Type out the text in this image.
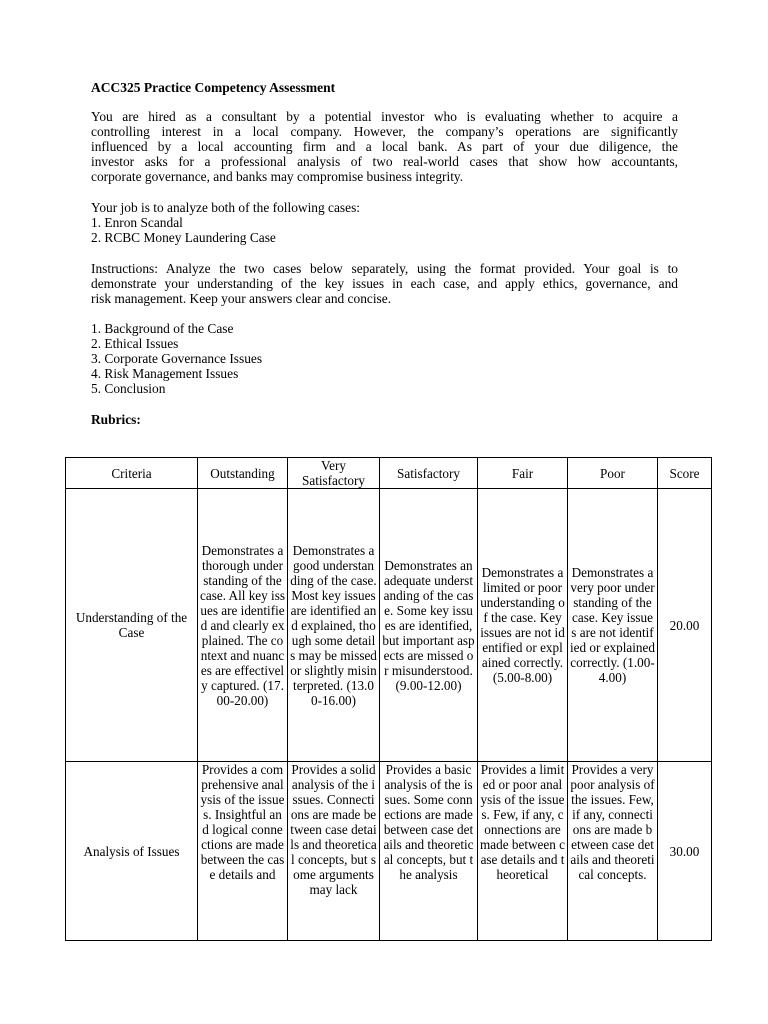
ACC325 Practice Competency Assessment
You are hired as a consultant by a potential investor who is evaluating whether to acquire a
controlling interest in a local company. However, the company’s operations are significantly
influenced by a local accounting firm and a local bank. As part of your due diligence, the
investor asks for a professional analysis of two real-world cases that show how accountants,
corporate governance, and banks may compromise business integrity.
Your job is to analyze both of the following cases:
1. Enron Scandal
2. RCBC Money Laundering Case
Instructions: Analyze the two cases below separately, using the format provided. Your goal is to
demonstrate your understanding of the key issues in each case, and apply ethics, governance, and
risk management. Keep your answers clear and concise.
1. Background of the Case
2. Ethical Issues
3. Corporate Governance Issues
4. Risk Management Issues
5. Conclusion
Rubrics:
Criteria	Outstanding	Very Satisfactory	Satisfactory	Fair	Poor	Score
Understanding of the Case	Demonstrates a thorough understanding of the case. All key issues are identified and clearly explained. The context and nuances are effectively captured. (17.00-20.00)	Demonstrates a good understanding of the case. Most key issues are identified and explained, though some details may be missed or slightly misinterpreted. (13.00-16.00)	Demonstrates an adequate understanding of the case. Some key issues are identified, but important aspects are missed or misunderstood. (9.00-12.00)	Demonstrates a limited or poor understanding of the case. Key issues are not identified or explained correctly. (5.00-8.00)	Demonstrates a very poor understanding of the case. Key issues are not identified or explained correctly. (1.00-4.00)	20.00
Analysis of Issues	Provides a comprehensive analysis of the issues. Insightful and logical connections are made between the case details and	Provides a solid analysis of the issues. Connections are made between case details and theoretical concepts, but some arguments may lack	Provides a basic analysis of the issues. Some connections are made between case details and theoretical concepts, but the analysis	Provides a limited or poor analysis of the issues. Few, if any, connections are made between case details and theoretical	Provides a very poor analysis of the issues. Few, if any, connections are made between case details and theoretical concepts.	30.00
